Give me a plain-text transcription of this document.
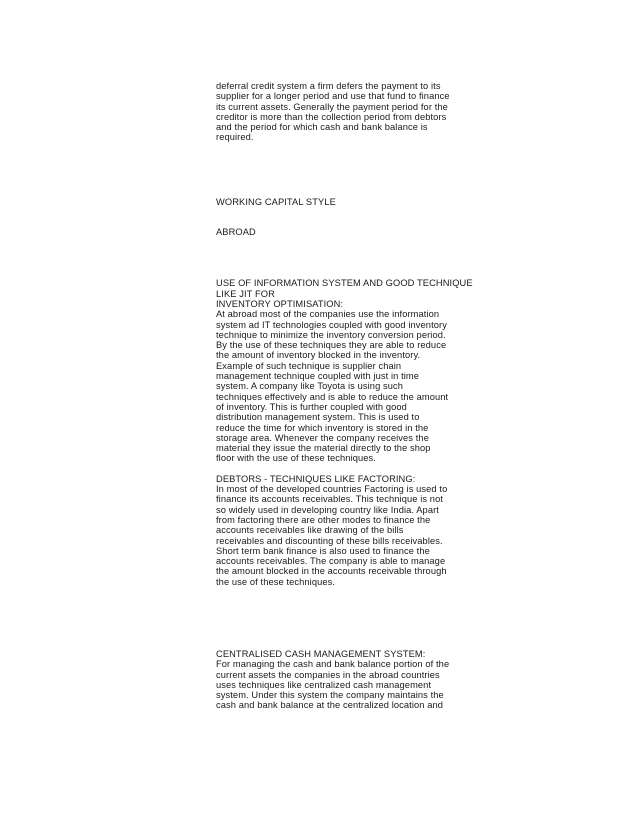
deferral credit system a firm defers the payment to its
supplier for a longer period and use that fund to finance
its current assets. Generally the payment period for the
creditor is more than the collection period from debtors
and the period for which cash and bank balance is
required.
WORKING CAPITAL STYLE
ABROAD
USE OF INFORMATION SYSTEM AND GOOD TECHNIQUE
LIKE JIT FOR
INVENTORY OPTIMISATION:
At abroad most of the companies use the information
system ad IT technologies coupled with good inventory
technique to minimize the inventory conversion period.
By the use of these techniques they are able to reduce
the amount of inventory blocked in the inventory.
Example of such technique is supplier chain
management technique coupled with just in time
system. A company like Toyota is using such
techniques effectively and is able to reduce the amount
of inventory. This is further coupled with good
distribution management system. This is used to
reduce the time for which inventory is stored in the
storage area. Whenever the company receives the
material they issue the material directly to the shop
floor with the use of these techniques.
DEBTORS - TECHNIQUES LIKE FACTORING:
In most of the developed countries Factoring is used to
finance its accounts receivables. This technique is not
so widely used in developing country like India. Apart
from factoring there are other modes to finance the
accounts receivables like drawing of the bills
receivables and discounting of these bills receivables.
Short term bank finance is also used to finance the
accounts receivables. The company is able to manage
the amount blocked in the accounts receivable through
the use of these techniques.
CENTRALISED CASH MANAGEMENT SYSTEM:
For managing the cash and bank balance portion of the
current assets the companies in the abroad countries
uses techniques like centralized cash management
system. Under this system the company maintains the
cash and bank balance at the centralized location and
